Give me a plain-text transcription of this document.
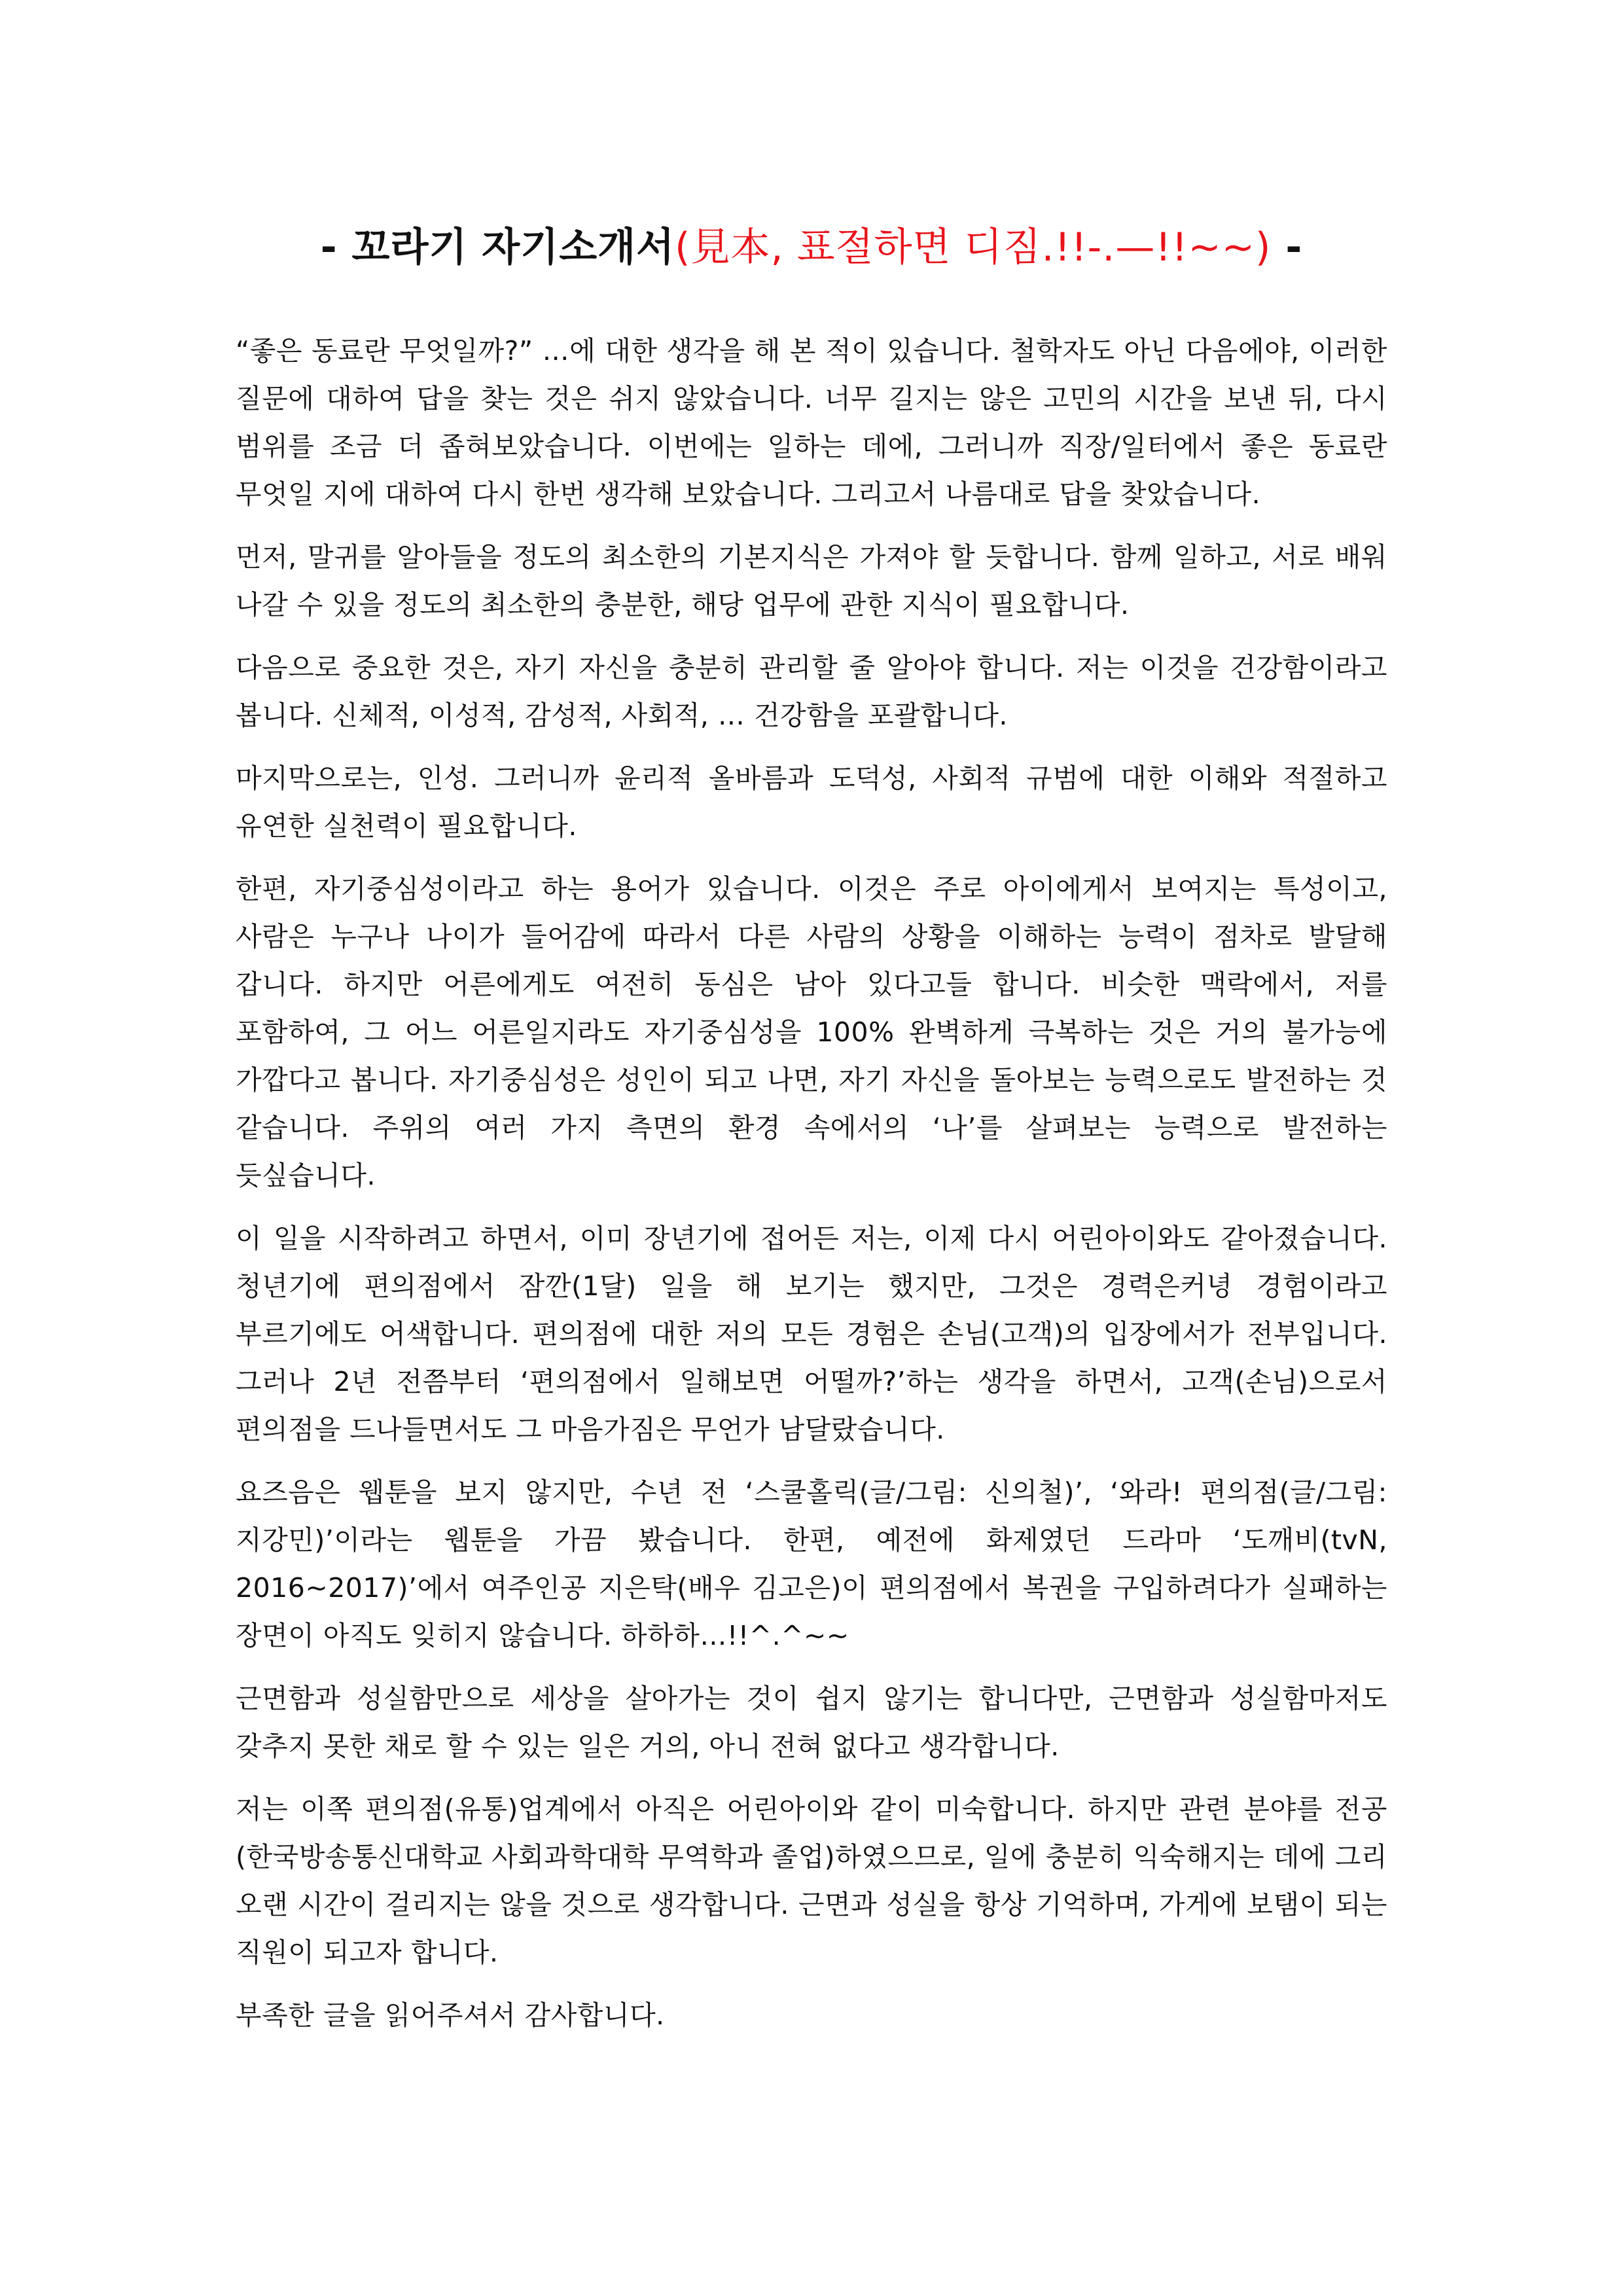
- 꼬라기 자기소개서(見本, 표절하면 디짐.!!-.—!!~~) -

“좋은 동료란 무엇일까?” …에 대한 생각을 해 본 적이 있습니다. 철학자도 아닌 다음에야, 이러한 질문에 대하여 답을 찾는 것은 쉬지 않았습니다. 너무 길지는 않은 고민의 시간을 보낸 뒤, 다시 범위를 조금 더 좁혀보았습니다. 이번에는 일하는 데에, 그러니까 직장/일터에서 좋은 동료란 무엇일 지에 대하여 다시 한번 생각해 보았습니다. 그리고서 나름대로 답을 찾았습니다.

먼저, 말귀를 알아들을 정도의 최소한의 기본지식은 가져야 할 듯합니다. 함께 일하고, 서로 배워 나갈 수 있을 정도의 최소한의 충분한, 해당 업무에 관한 지식이 필요합니다.

다음으로 중요한 것은, 자기 자신을 충분히 관리할 줄 알아야 합니다. 저는 이것을 건강함이라고 봅니다. 신체적, 이성적, 감성적, 사회적, … 건강함을 포괄합니다.

마지막으로는, 인성. 그러니까 윤리적 올바름과 도덕성, 사회적 규범에 대한 이해와 적절하고 유연한 실천력이 필요합니다.

한편, 자기중심성이라고 하는 용어가 있습니다. 이것은 주로 아이에게서 보여지는 특성이고, 사람은 누구나 나이가 들어감에 따라서 다른 사람의 상황을 이해하는 능력이 점차로 발달해 갑니다. 하지만 어른에게도 여전히 동심은 남아 있다고들 합니다. 비슷한 맥락에서, 저를 포함하여, 그 어느 어른일지라도 자기중심성을 100% 완벽하게 극복하는 것은 거의 불가능에 가깝다고 봅니다. 자기중심성은 성인이 되고 나면, 자기 자신을 돌아보는 능력으로도 발전하는 것 같습니다. 주위의 여러 가지 측면의 환경 속에서의 ‘나’를 살펴보는 능력으로 발전하는 듯싶습니다.

이 일을 시작하려고 하면서, 이미 장년기에 접어든 저는, 이제 다시 어린아이와도 같아졌습니다. 청년기에 편의점에서 잠깐(1달) 일을 해 보기는 했지만, 그것은 경력은커녕 경험이라고 부르기에도 어색합니다. 편의점에 대한 저의 모든 경험은 손님(고객)의 입장에서가 전부입니다. 그러나 2년 전쯤부터 ‘편의점에서 일해보면 어떨까?’하는 생각을 하면서, 고객(손님)으로서 편의점을 드나들면서도 그 마음가짐은 무언가 남달랐습니다.

요즈음은 웹툰을 보지 않지만, 수년 전 ‘스쿨홀릭(글/그림: 신의철)’, ‘와라! 편의점(글/그림: 지강민)’이라는 웹툰을 가끔 봤습니다. 한편, 예전에 화제였던 드라마 ‘도깨비(tvN, 2016~2017)’에서 여주인공 지은탁(배우 김고은)이 편의점에서 복권을 구입하려다가 실패하는 장면이 아직도 잊히지 않습니다. 하하하…!!^.^~~

근면함과 성실함만으로 세상을 살아가는 것이 쉽지 않기는 합니다만, 근면함과 성실함마저도 갖추지 못한 채로 할 수 있는 일은 거의, 아니 전혀 없다고 생각합니다.

저는 이쪽 편의점(유통)업계에서 아직은 어린아이와 같이 미숙합니다. 하지만 관련 분야를 전공(한국방송통신대학교 사회과학대학 무역학과 졸업)하였으므로, 일에 충분히 익숙해지는 데에 그리 오랜 시간이 걸리지는 않을 것으로 생각합니다. 근면과 성실을 항상 기억하며, 가게에 보탬이 되는 직원이 되고자 합니다.

부족한 글을 읽어주셔서 감사합니다.
